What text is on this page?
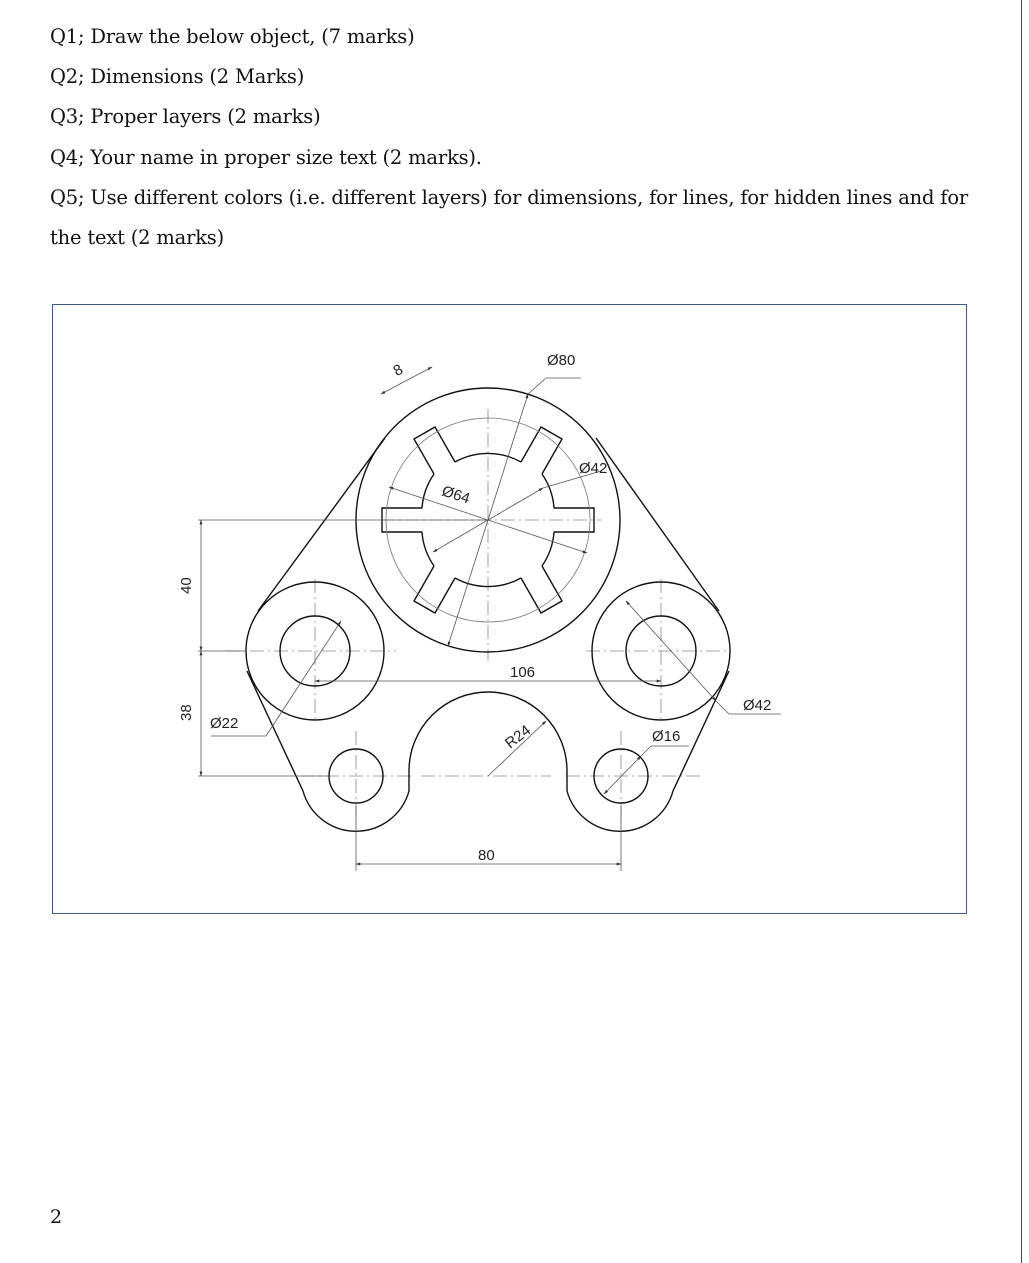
Q1; Draw the below object, (7 marks)
Q2; Dimensions (2 Marks)
Q3; Proper layers (2 marks)
Q4; Your name in proper size text (2 marks).
Q5; Use different colors (i.e. different layers) for dimensions, for lines, for hidden lines and for
the text (2 marks)
8
Ø80
Ø42
Ø64
40
38
Ø22
106
Ø42
R24	Ø16
80
2
